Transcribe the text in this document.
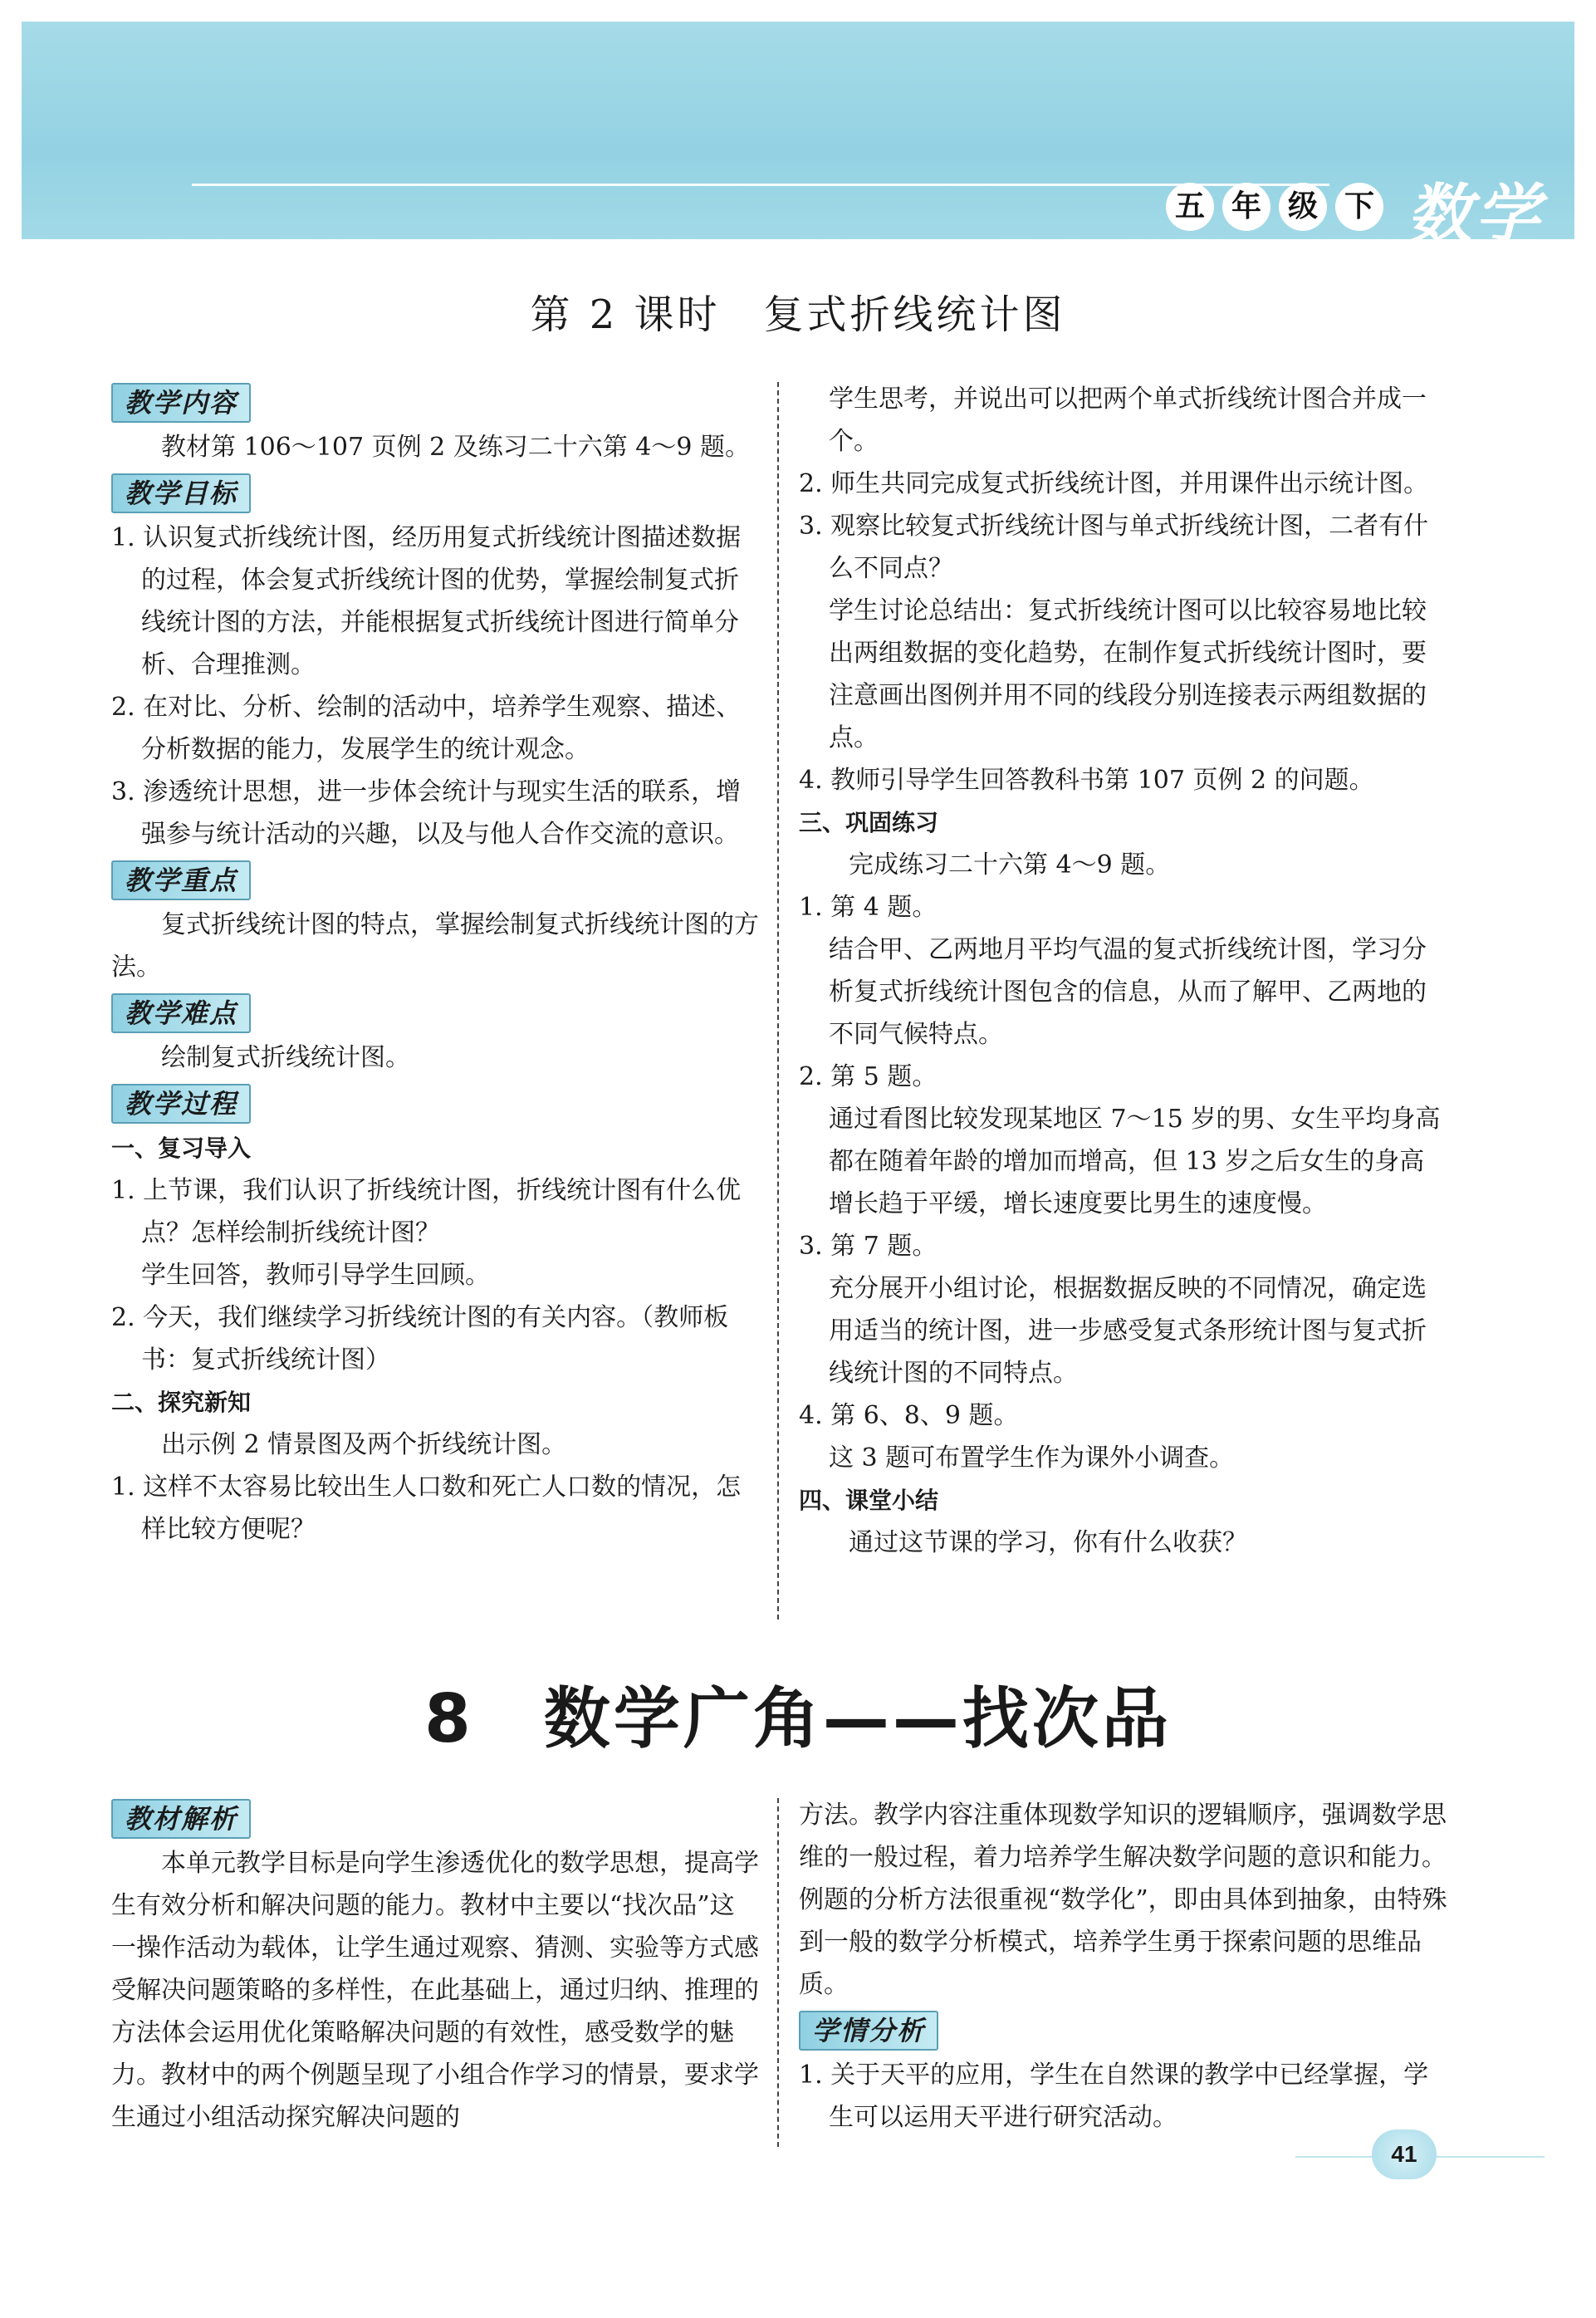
五 年 级 下 数学
第 2 课时　复式折线统计图
教学内容

教材第 106～107 页例 2 及练习二十六第 4～9 题。

教学目标

1. 认识复式折线统计图，经历用复式折线统计图描述数据的过程，体会复式折线统计图的优势，掌握绘制复式折线统计图的方法，并能根据复式折线统计图进行简单分析、合理推测。

2. 在对比、分析、绘制的活动中，培养学生观察、描述、分析数据的能力，发展学生的统计观念。

3. 渗透统计思想，进一步体会统计与现实生活的联系，增强参与统计活动的兴趣，以及与他人合作交流的意识。

教学重点

复式折线统计图的特点，掌握绘制复式折线统计图的方法。

教学难点

绘制复式折线统计图。

教学过程

一、复习导入

1. 上节课，我们认识了折线统计图，折线统计图有什么优点？怎样绘制折线统计图？

学生回答，教师引导学生回顾。

2. 今天，我们继续学习折线统计图的有关内容。（教师板书：复式折线统计图）

二、探究新知

出示例 2 情景图及两个折线统计图。

1. 这样不太容易比较出生人口数和死亡人口数的情况，怎样比较方便呢？

学生思考，并说出可以把两个单式折线统计图合并成一个。

2. 师生共同完成复式折线统计图，并用课件出示统计图。

3. 观察比较复式折线统计图与单式折线统计图，二者有什么不同点？

学生讨论总结出：复式折线统计图可以比较容易地比较出两组数据的变化趋势，在制作复式折线统计图时，要注意画出图例并用不同的线段分别连接表示两组数据的点。

4. 教师引导学生回答教科书第 107 页例 2 的问题。

三、巩固练习

完成练习二十六第 4～9 题。

1. 第 4 题。

结合甲、乙两地月平均气温的复式折线统计图，学习分析复式折线统计图包含的信息，从而了解甲、乙两地的不同气候特点。

2. 第 5 题。

通过看图比较发现某地区 7～15 岁的男、女生平均身高都在随着年龄的增加而增高，但 13 岁之后女生的身高增长趋于平缓，增长速度要比男生的速度慢。

3. 第 7 题。

充分展开小组讨论，根据数据反映的不同情况，确定选用适当的统计图，进一步感受复式条形统计图与复式折线统计图的不同特点。

4. 第 6、8、9 题。

这 3 题可布置学生作为课外小调查。

四、课堂小结

通过这节课的学习，你有什么收获？

8　数学广角——找次品
教材解析

本单元教学目标是向学生渗透优化的数学思想，提高学生有效分析和解决问题的能力。教材中主要以“找次品”这一操作活动为载体，让学生通过观察、猜测、实验等方式感受解决问题策略的多样性，在此基础上，通过归纳、推理的方法体会运用优化策略解决问题的有效性，感受数学的魅力。教材中的两个例题呈现了小组合作学习的情景，要求学生通过小组活动探究解决问题的

方法。教学内容注重体现数学知识的逻辑顺序，强调数学思维的一般过程，着力培养学生解决数学问题的意识和能力。例题的分析方法很重视“数学化”，即由具体到抽象，由特殊到一般的数学分析模式，培养学生勇于探索问题的思维品质。

学情分析

1. 关于天平的应用，学生在自然课的教学中已经掌握，学生可以运用天平进行研究活动。

41
